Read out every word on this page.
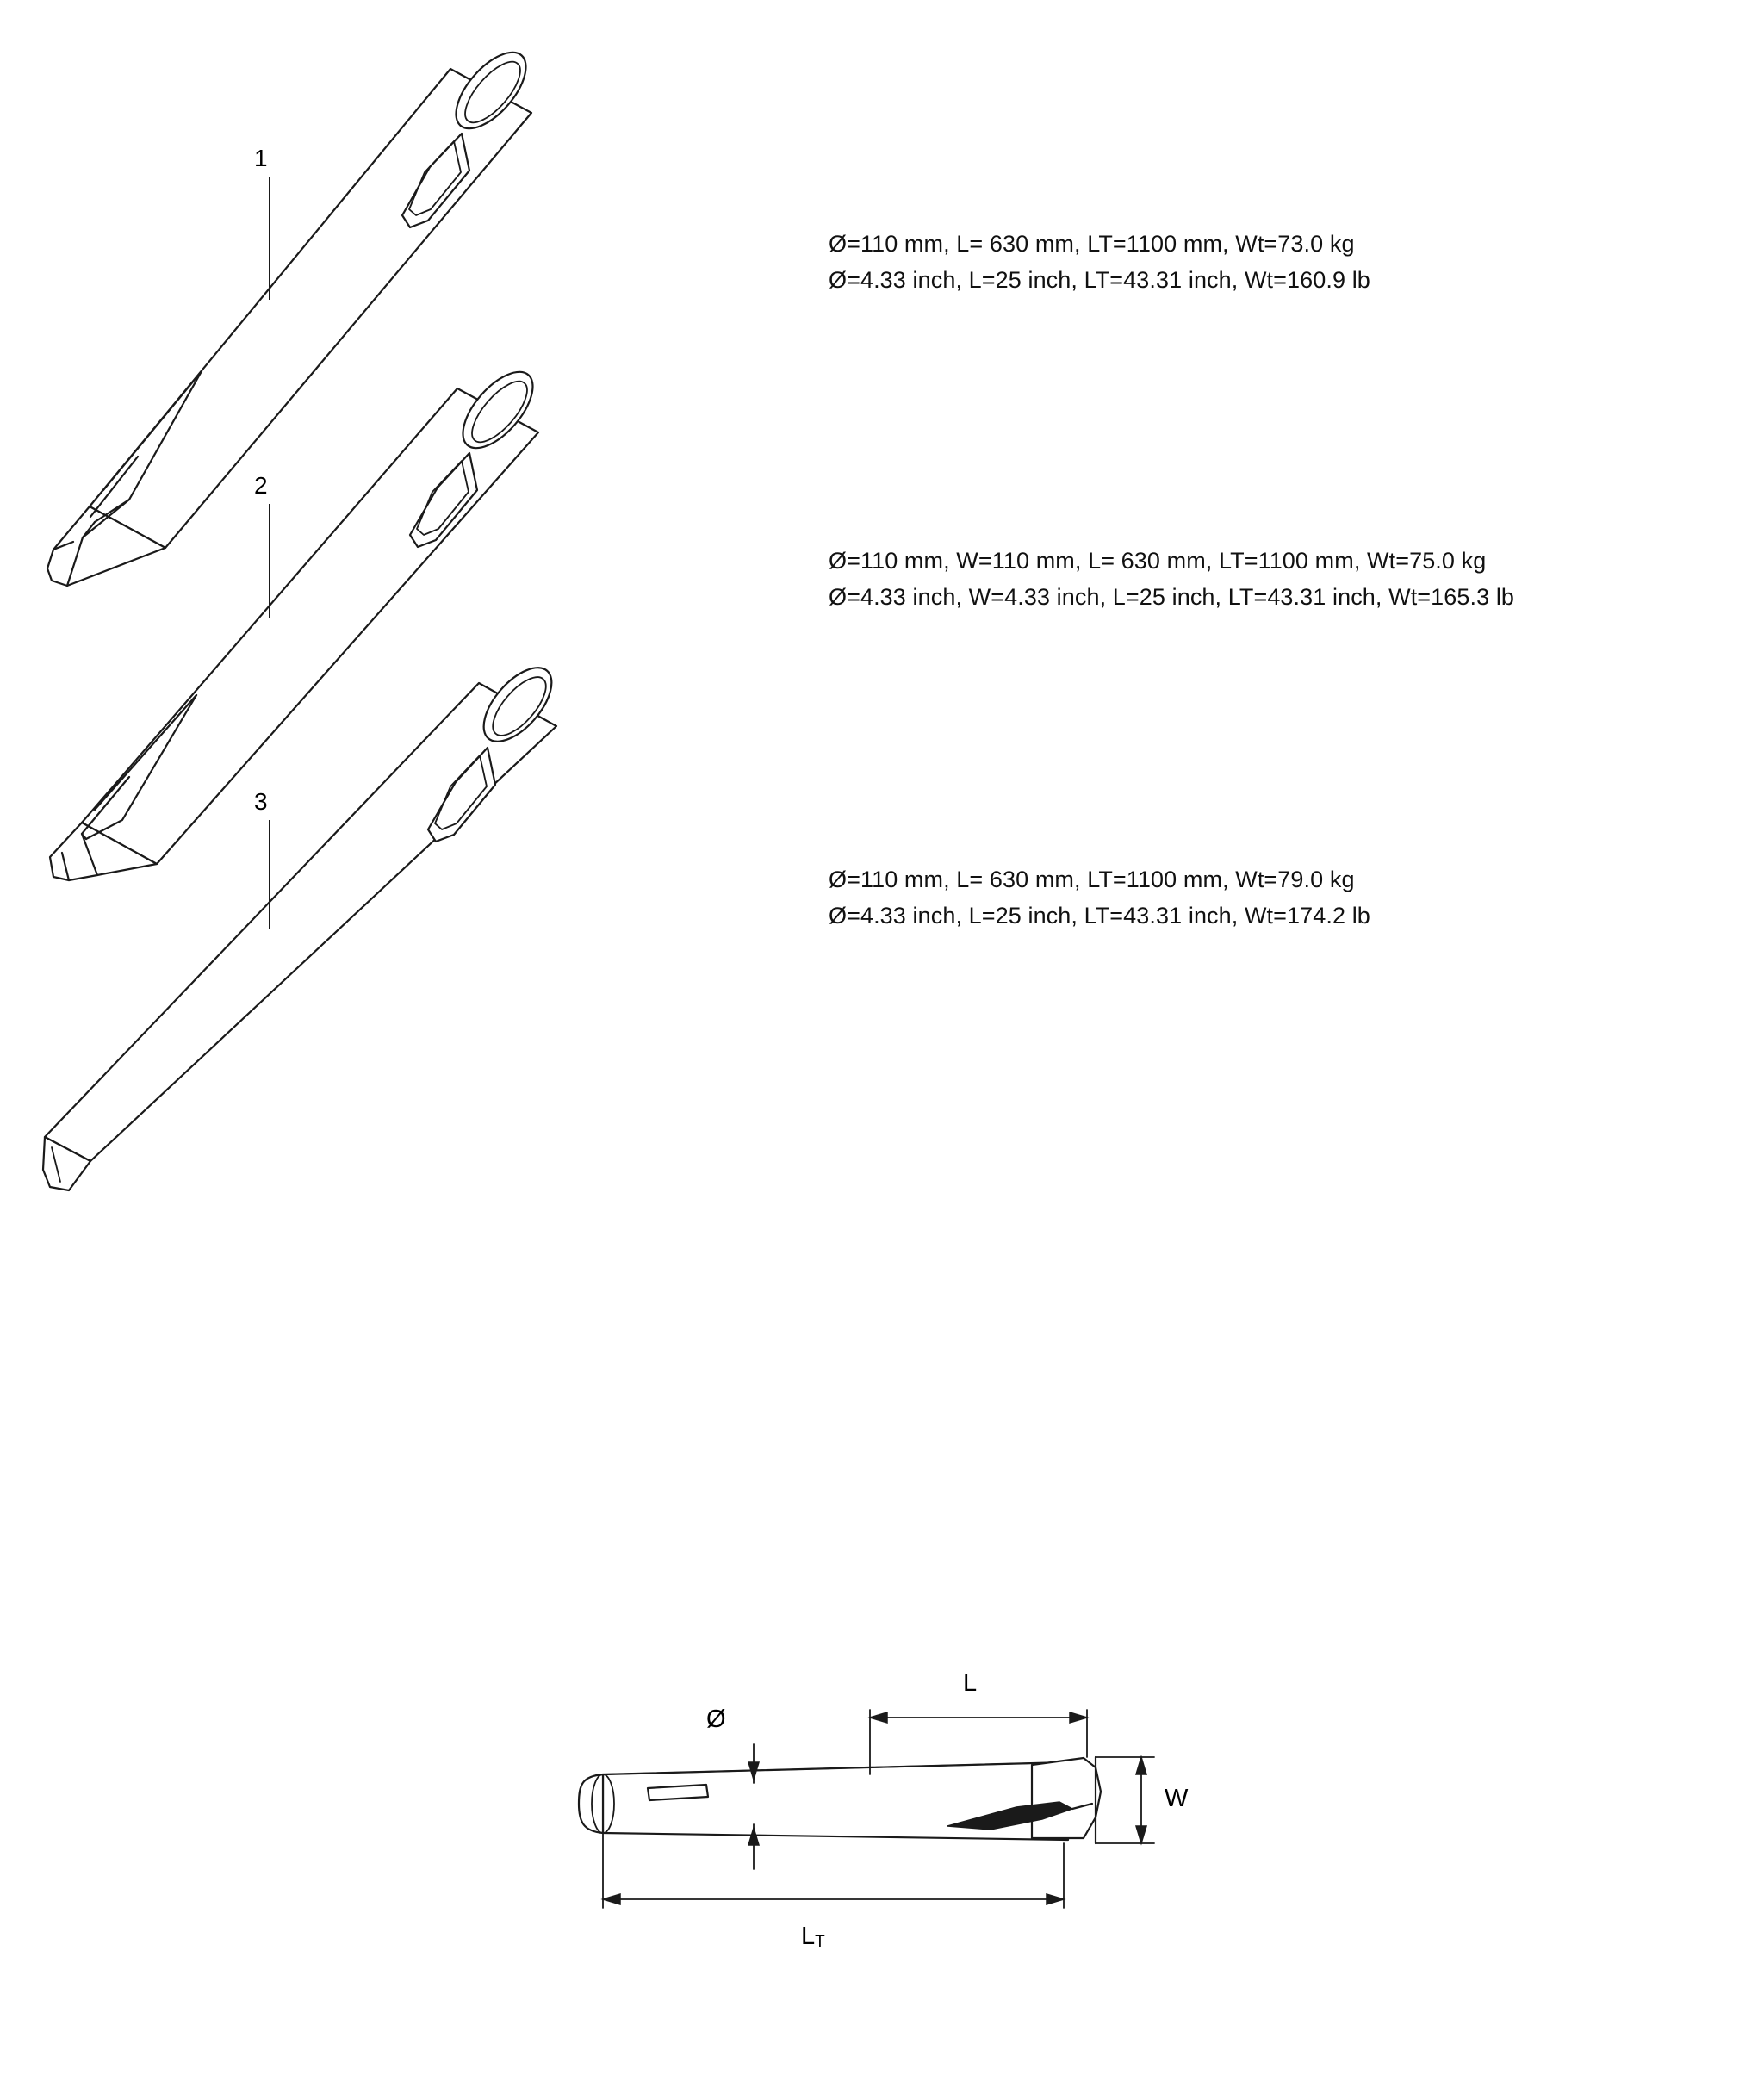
1
2
3
Ø=110 mm, L= 630 mm, LT=1100 mm, Wt=73.0 kg
Ø=4.33 inch, L=25 inch, LT=43.31 inch, Wt=160.9 lb
Ø=110 mm, W=110 mm, L= 630 mm, LT=1100 mm, Wt=75.0 kg
Ø=4.33 inch, W=4.33 inch, L=25 inch, LT=43.31 inch, Wt=165.3 lb
Ø=110 mm, L= 630 mm, LT=1100 mm, Wt=79.0 kg
Ø=4.33 inch, L=25 inch, LT=43.31 inch, Wt=174.2 lb
Ø
L
W
$L_T$
